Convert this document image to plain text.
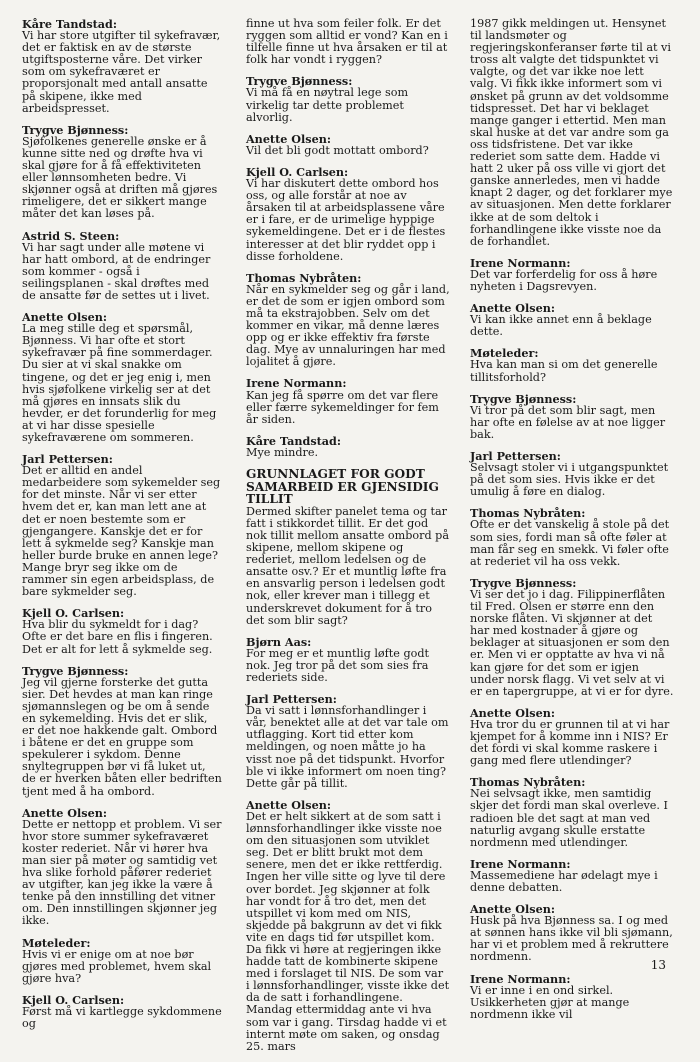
Kåre Tandstad:
Vi har store utgifter til sykefravær, det er faktisk en av de største utgiftsposterne våre. Det virker som om sykefraværet er proporsjonalt med antall ansatte på skipene, ikke med arbeidspresset.
Trygve Bjønness:
Sjøfolkenes generelle ønske er å kunne sitte ned og drøfte hva vi skal gjøre for å få effektiviteten eller lønnsomheten bedre. Vi skjønner også at driften må gjøres rimeligere, det er sikkert mange måter det kan løses på.
Astrid S. Steen:
Vi har sagt under alle møtene vi har hatt ombord, at de endringer som kommer - også i seilingsplanen - skal drøftes med de ansatte før de settes ut i livet.
Anette Olsen:
La meg stille deg et spørsmål, Bjønness. Vi har ofte et stort sykefravær på fine sommerdager. Du sier at vi skal snakke om tingene, og det er jeg enig i, men hvis sjøfolkene virkelig ser at det må gjøres en innsats slik du hevder, er det forunderlig for meg at vi har disse spesielle sykefraværene om sommeren.
Jarl Pettersen:
Det er alltid en andel medarbeidere som sykemelder seg for det minste. Når vi ser etter hvem det er, kan man lett ane at det er noen bestemte som er gjengangere. Kanskje det er for lett å sykmelde seg? Kanskje man heller burde bruke en annen lege? Mange bryr seg ikke om de rammer sin egen arbeidsplass, de bare sykmelder seg.
Kjell O. Carlsen:
Hva blir du sykmeldt for i dag? Ofte er det bare en flis i fingeren. Det er alt for lett å sykmelde seg.
Trygve Bjønness:
Jeg vil gjerne forsterke det gutta sier. Det hevdes at man kan ringe sjømannslegen og be om å sende en sykemelding. Hvis det er slik, er det noe hakkende galt. Ombord i båtene er det en gruppe som spekulerer i sykdom. Denne snyltegruppen bør vi få luket ut, de er hverken båten eller bedriften tjent med å ha ombord.
Anette Olsen:
Dette er nettopp et problem. Vi ser hvor store summer sykefraværet koster rederiet. Når vi hører hva man sier på møter og samtidig vet hva slike forhold påfører rederiet av utgifter, kan jeg ikke la være å tenke på den innstilling det vitner om. Den innstillingen skjønner jeg ikke.
Møteleder:
Hvis vi er enige om at noe bør gjøres med problemet, hvem skal gjøre hva?
Kjell O. Carlsen:
Først må vi kartlegge sykdommene og
finne ut hva som feiler folk. Er det ryggen som alltid er vond? Kan en i tilfelle finne ut hva årsaken er til at folk har vondt i ryggen?
Trygve Bjønness:
Vi må få en nøytral lege som virkelig tar dette problemet alvorlig.
Anette Olsen:
Vil det bli godt mottatt ombord?
Kjell O. Carlsen:
Vi har diskutert dette ombord hos oss, og alle forstår at noe av årsaken til at arbeidsplassene våre er i fare, er de urimelige hyppige sykemeldingene. Det er i de flestes interesser at det blir ryddet opp i disse forholdene.
Thomas Nybråten:
Når en sykmelder seg og går i land, er det de som er igjen ombord som må ta ekstrajobben. Selv om det kommer en vikar, må denne læres opp og er ikke effektiv fra første dag. Mye av unnaluringen har med lojalitet å gjøre.
Irene Normann:
Kan jeg få spørre om det var flere eller færre sykemeldinger for fem år siden.
Kåre Tandstad:
Mye mindre.
GRUNNLAGET FOR GODT SAMARBEID ER GJENSIDIG TILLIT
Dermed skifter panelet tema og tar fatt i stikkordet tillit. Er det god nok tillit mellom ansatte ombord på skipene, mellom skipene og rederiet, mellom ledelsen og de ansatte osv.? Er et muntlig løfte fra en ansvarlig person i ledelsen godt nok, eller krever man i tillegg et underskrevet dokument for å tro det som blir sagt?
Bjørn Aas:
For meg er et muntlig løfte godt nok. Jeg tror på det som sies fra rederiets side.
Jarl Pettersen:
Da vi satt i lønnsforhandlinger i vår, benektet alle at det var tale om utflagging. Kort tid etter kom meldingen, og noen måtte jo ha visst noe på det tidspunkt. Hvorfor ble vi ikke informert om noen ting? Dette går på tillit.
Anette Olsen:
Det er helt sikkert at de som satt i lønnsforhandlinger ikke visste noe om den situasjonen som utviklet seg. Det er blitt brukt mot dem senere, men det er ikke rettferdig. Ingen her ville sitte og lyve til dere over bordet. Jeg skjønner at folk har vondt for å tro det, men det utspillet vi kom med om NIS, skjedde på bakgrunn av det vi fikk vite en dags tid før utspillet kom. Da fikk vi høre at regjeringen ikke hadde tatt de kombinerte skipene med i forslaget til NIS. De som var i lønnsforhandlinger, visste ikke det da de satt i forhandlingene. Mandag ettermiddag ante vi hva som var i gang. Tirsdag hadde vi et internt møte om saken, og onsdag 25. mars
1987 gikk meldingen ut. Hensynet til landsmøter og regjeringskonferanser førte til at vi tross alt valgte det tidspunktet vi valgte, og det var ikke noe lett valg. Vi fikk ikke informert som vi ønsket på grunn av det voldsomme tidspresset. Det har vi beklaget mange ganger i ettertid. Men man skal huske at det var andre som ga oss tidsfristene. Det var ikke rederiet som satte dem. Hadde vi hatt 2 uker på oss ville vi gjort det ganske annerledes, men vi hadde knapt 2 dager, og det forklarer mye av situasjonen. Men dette forklarer ikke at de som deltok i forhandlingene ikke visste noe da de forhandlet.
Irene Normann:
Det var forferdelig for oss å høre nyheten i Dagsrevyen.
Anette Olsen:
Vi kan ikke annet enn å beklage dette.
Møteleder:
Hva kan man si om det generelle tillitsforhold?
Trygve Bjønness:
Vi tror på det som blir sagt, men har ofte en følelse av at noe ligger bak.
Jarl Pettersen:
Selvsagt stoler vi i utgangspunktet på det som sies. Hvis ikke er det umulig å føre en dialog.
Thomas Nybråten:
Ofte er det vanskelig å stole på det som sies, fordi man så ofte føler at man får seg en smekk. Vi føler ofte at rederiet vil ha oss vekk.
Trygve Bjønness:
Vi ser det jo i dag. Filippinerflåten til Fred. Olsen er større enn den norske flåten. Vi skjønner at det har med kostnader å gjøre og beklager at situasjonen er som den er. Men vi er opptatte av hva vi nå kan gjøre for det som er igjen under norsk flagg. Vi vet selv at vi er en tapergruppe, at vi er for dyre.
Anette Olsen:
Hva tror du er grunnen til at vi har kjempet for å komme inn i NIS? Er det fordi vi skal komme raskere i gang med flere utlendinger?
Thomas Nybråten:
Nei selvsagt ikke, men samtidig skjer det fordi man skal overleve. I radioen ble det sagt at man ved naturlig avgang skulle erstatte nordmenn med utlendinger.
Irene Normann:
Massemediene har ødelagt mye i denne debatten.
Anette Olsen:
Husk på hva Bjønness sa. I og med at sønnen hans ikke vil bli sjømann, har vi et problem med å rekruttere nordmenn.
Irene Normann:
Vi er inne i en ond sirkel. Usikkerheten gjør at mange nordmenn ikke vil
13
